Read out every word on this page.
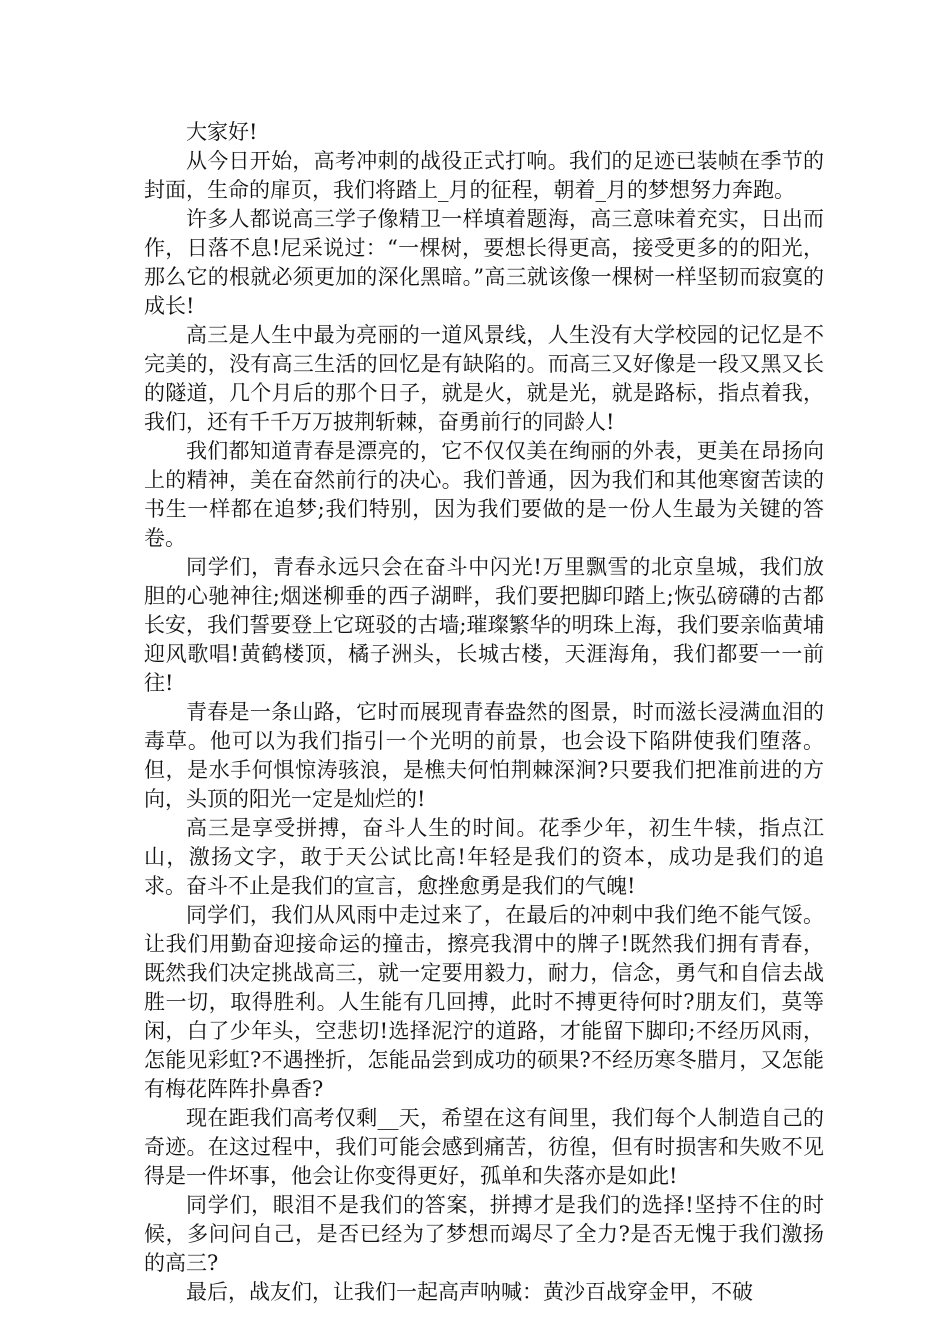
大家好!

从今日开始，高考冲刺的战役正式打响。我们的足迹已装帧在季节的封面，生命的扉页，我们将踏上_月的征程，朝着_月的梦想努力奔跑。

许多人都说高三学子像精卫一样填着题海，高三意味着充实，日出而作，日落不息!尼采说过：“一棵树，要想长得更高，接受更多的的阳光，那么它的根就必须更加的深化黑暗。”高三就该像一棵树一样坚韧而寂寞的成长!

高三是人生中最为亮丽的一道风景线，人生没有大学校园的记忆是不完美的，没有高三生活的回忆是有缺陷的。而高三又好像是一段又黑又长的隧道，几个月后的那个日子，就是火，就是光，就是路标，指点着我，我们，还有千千万万披荆斩棘，奋勇前行的同龄人!

我们都知道青春是漂亮的，它不仅仅美在绚丽的外表，更美在昂扬向上的精神，美在奋然前行的决心。我们普通，因为我们和其他寒窗苦读的书生一样都在追梦;我们特别，因为我们要做的是一份人生最为关键的答卷。

同学们，青春永远只会在奋斗中闪光!万里飘雪的北京皇城，我们放胆的心驰神往;烟迷柳垂的西子湖畔，我们要把脚印踏上;恢弘磅礴的古都长安，我们誓要登上它斑驳的古墙;璀璨繁华的明珠上海，我们要亲临黄埔迎风歌唱!黄鹤楼顶，橘子洲头，长城古楼，天涯海角，我们都要一一前往!

青春是一条山路，它时而展现青春盎然的图景，时而滋长浸满血泪的毒草。他可以为我们指引一个光明的前景，也会设下陷阱使我们堕落。但，是水手何惧惊涛骇浪，是樵夫何怕荆棘深涧?只要我们把准前进的方向，头顶的阳光一定是灿烂的!

高三是享受拼搏，奋斗人生的时间。花季少年，初生牛犊，指点江山，激扬文字，敢于天公试比高!年轻是我们的资本，成功是我们的追求。奋斗不止是我们的宣言，愈挫愈勇是我们的气魄!

同学们，我们从风雨中走过来了，在最后的冲刺中我们绝不能气馁。让我们用勤奋迎接命运的撞击，擦亮我渭中的牌子!既然我们拥有青春，既然我们决定挑战高三，就一定要用毅力，耐力，信念，勇气和自信去战胜一切，取得胜利。人生能有几回搏，此时不搏更待何时?朋友们，莫等闲，白了少年头，空悲切!选择泥泞的道路，才能留下脚印;不经历风雨，怎能见彩虹?不遇挫折，怎能品尝到成功的硕果?不经历寒冬腊月，又怎能有梅花阵阵扑鼻香?

现在距我们高考仅剩__天，希望在这有间里，我们每个人制造自己的奇迹。在这过程中，我们可能会感到痛苦，彷徨，但有时损害和失败不见得是一件坏事，他会让你变得更好，孤单和失落亦是如此!

同学们，眼泪不是我们的答案，拼搏才是我们的选择!坚持不住的时候，多问问自己，是否已经为了梦想而竭尽了全力?是否无愧于我们激扬的高三?

最后，战友们，让我们一起高声呐喊：黄沙百战穿金甲，不破
